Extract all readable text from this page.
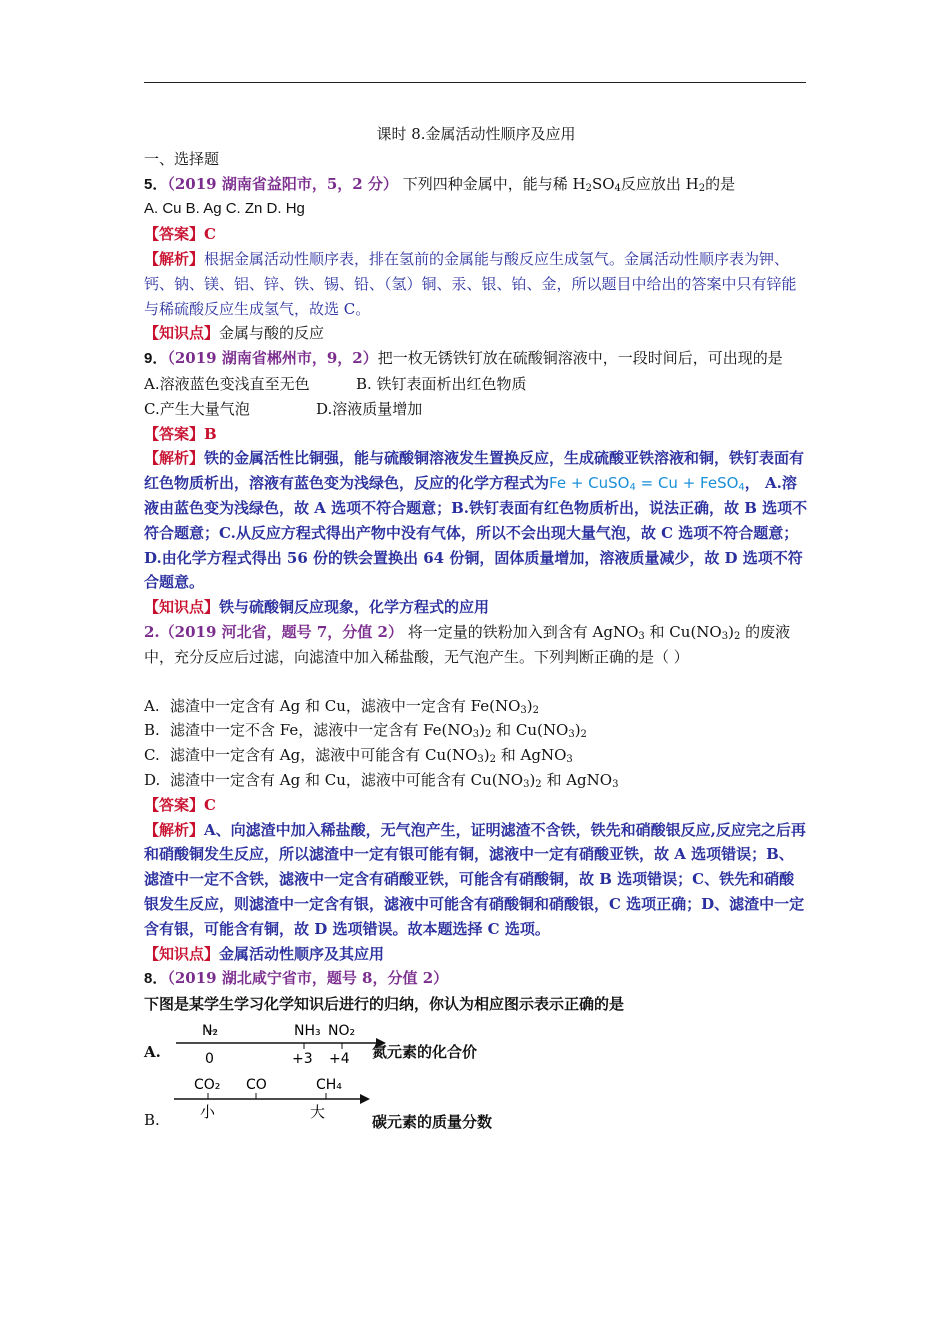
课时 8.金属活动性顺序及应用
一、选择题
5．（2019 湖南省益阳市，5，2 分） 下列四种金属中，能与稀 $H_2SO_4$反应放出 $H_2$的是
A. Cu B. Ag C. Zn D. Hg
【答案】C
【解析】根据金属活动性顺序表，排在氢前的金属能与酸反应生成氢气。金属活动性顺序表为钾、钙、钠、镁、铝、锌、铁、锡、铅、（氢）铜、汞、银、铂、金，所以题目中给出的答案中只有锌能与稀硫酸反应生成氢气，故选 C。
【知识点】金属与酸的反应
9．（2019 湖南省郴州市，9，2）把一枚无锈铁钉放在硫酸铜溶液中，一段时间后，可出现的是
A.溶液蓝色变浅直至无色	B. 铁钉表面析出红色物质
C.产生大量气泡	D.溶液质量增加
【答案】B
【解析】铁的金属活性比铜强，能与硫酸铜溶液发生置换反应，生成硫酸亚铁溶液和铜，铁钉表面有红色物质析出，溶液有蓝色变为浅绿色，反应的化学方程式为Fe + CuSO$_4$ = Cu + FeSO$_4$， A.溶液由蓝色变为浅绿色，故 A 选项不符合题意；B.铁钉表面有红色物质析出，说法正确，故 B 选项不符合题意；C.从反应方程式得出产物中没有气体，所以不会出现大量气泡，故 C 选项不符合题意；D.由化学方程式得出 56 份的铁会置换出 64 份铜，固体质量增加，溶液质量减少，故 D 选项不符合题意。
【知识点】铁与硫酸铜反应现象，化学方程式的应用
2.（2019 河北省，题号 7，分值 2） 将一定量的铁粉加入到含有 AgNO$_3$ 和 $Cu(NO_3)_2$ 的废液中，充分反应后过滤，向滤渣中加入稀盐酸，无气泡产生。下列判断正确的是（ ）
A. 滤渣中一定含有 Ag 和 Cu，滤液中一定含有 $Fe(NO_3)_2$
B. 滤渣中一定不含 Fe，滤液中一定含有 $Fe(NO_3)_2$ 和 $Cu(NO_3)_2$
C. 滤渣中一定含有 Ag，滤液中可能含有 $Cu(NO_3)_2$ 和 AgNO$_3$
D. 滤渣中一定含有 Ag 和 Cu，滤液中可能含有 $Cu(NO_3)_2$ 和 AgNO$_3$
【答案】C
【解析】A、向滤渣中加入稀盐酸，无气泡产生，证明滤渣不含铁，铁先和硝酸银反应,反应完之后再和硝酸铜发生反应，所以滤渣中一定有银可能有铜，滤液中一定有硝酸亚铁，故 A 选项错误；B、滤渣中一定不含铁，滤液中一定含有硝酸亚铁，可能含有硝酸铜，故 B 选项错误；C、铁先和硝酸银发生反应，则滤渣中一定含有银，滤液中可能含有硝酸铜和硝酸银，C 选项正确；D、滤渣中一定含有银，可能含有铜，故 D 选项错误。故本题选择 C 选项。
【知识点】金属活动性顺序及其应用
8．（2019 湖北咸宁省市，题号 8，分值 2）
下图是某学生学习化学知识后进行的归纳，你认为相应图示表示正确的是
A.
N₂	NH₃ NO₂
0	+3 +4 氮元素的化合价
B.
CO₂ CO	CH₄
小	大
碳元素的质量分数
